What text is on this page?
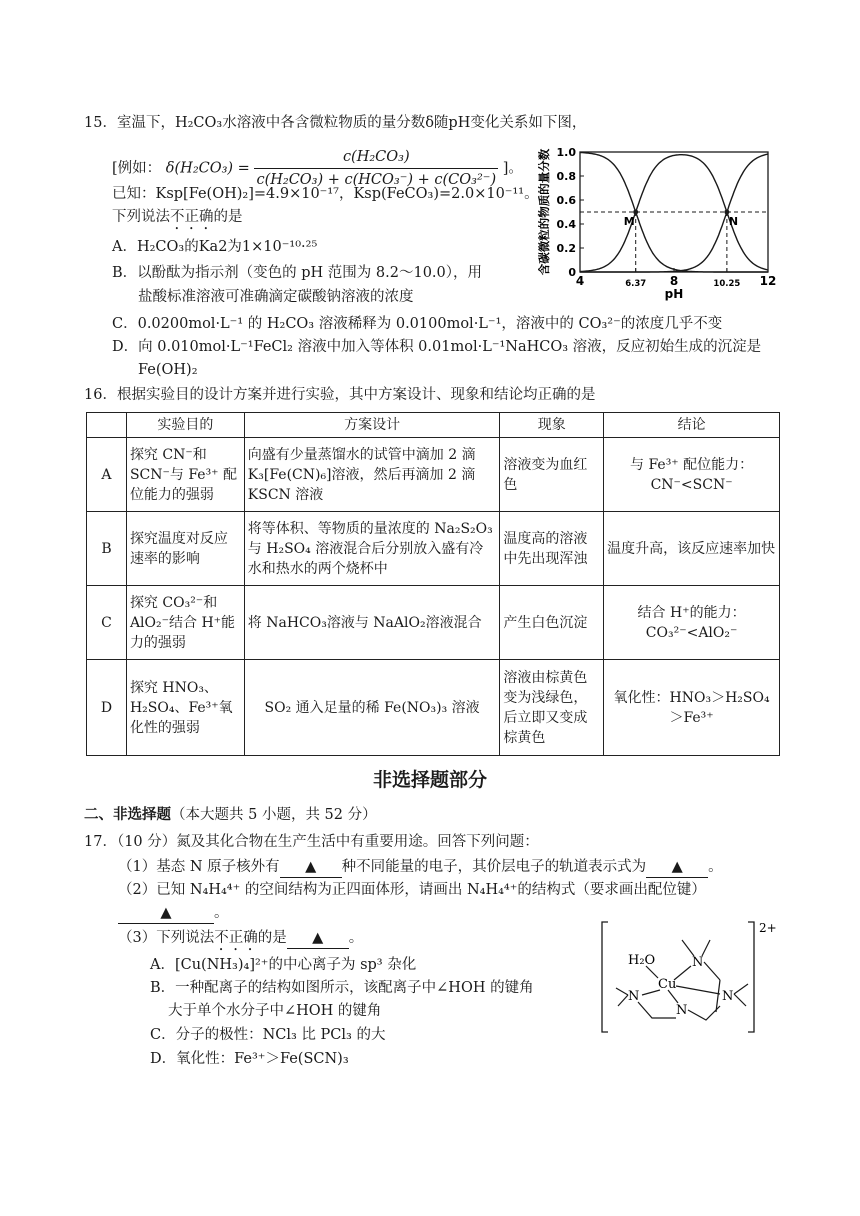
15．室温下，H₂CO₃水溶液中各含微粒物质的量分数δ随pH变化关系如下图，
[例如： $\delta(H_2CO_3) = \frac{\text{c(H₂CO₃)}}{\text{c(H₂CO₃) + c(HCO₃⁻) + c(CO₃²⁻)}}$ ]。
已知：Ksp[Fe(OH)₂]=4.9×10⁻¹⁷，Ksp(FeCO₃)=2.0×10⁻¹¹。
下列说法不正确的是
A．H₂CO₃的Ka2为1×10⁻¹⁰·²⁵
B．以酚酞为指示剂（变色的 pH 范围为 8.2～10.0），用
盐酸标准溶液可准确滴定碳酸钠溶液的浓度
C．0.0200mol·L⁻¹ 的 H₂CO₃ 溶液稀释为 0.0100mol·L⁻¹，溶液中的 CO₃²⁻的浓度几乎不变
D．向 0.010mol·L⁻¹FeCl₂ 溶液中加入等体积 0.01mol·L⁻¹NaHCO₃ 溶液，反应初始生成的沉淀是
Fe(OH)₂
0
0.2
0.4
0.6
0.8
1.0
4	6.37 8	10.25 12
pH
含碳微粒的物质的量分数	M	N
16．根据实验目的设计方案并进行实验，其中方案设计、现象和结论均正确的是
	实验目的	方案设计	现象	结论
A	探究 CN⁻和 SCN⁻与 Fe³⁺ 配位能力的强弱	向盛有少量蒸馏水的试管中滴加 2 滴 K₃[Fe(CN)₆]溶液，然后再滴加 2 滴 KSCN 溶液	溶液变为血红色	与 Fe³⁺ 配位能力：CN⁻<SCN⁻
B	探究温度对反应速率的影响	将等体积、等物质的量浓度的 Na₂S₂O₃ 与 H₂SO₄ 溶液混合后分别放入盛有冷水和热水的两个烧杯中	温度高的溶液中先出现浑浊	温度升高，该反应速率加快
C	探究 CO₃²⁻和 AlO₂⁻结合 H⁺能力的强弱	将 NaHCO₃溶液与 NaAlO₂溶液混合	产生白色沉淀	结合 H⁺的能力：CO₃²⁻<AlO₂⁻
D	探究 HNO₃、H₂SO₄、Fe³⁺氧化性的强弱	SO₂ 通入足量的稀 Fe(NO₃)₃ 溶液	溶液由棕黄色变为浅绿色，后立即又变成棕黄色	氧化性：HNO₃＞H₂SO₄＞Fe³⁺
非选择题部分
二、非选择题（本大题共 5 小题，共 52 分）
17．（10 分）氮及其化合物在生产生活中有重要用途。回答下列问题：
（1）基态 N 原子核外有 ▲ 种不同能量的电子，其价层电子的轨道表示式为 ▲ 。
（2）已知 N₄H₄⁴⁺ 的空间结构为正四面体形，请画出 N₄H₄⁴⁺的结构式（要求画出配位键）
▲	。
（3）下列说法不正确的是 ▲ 。
A．[Cu(NH₃)₄]²⁺的中心离子为 sp³ 杂化
B．一种配离子的结构如图所示，该配离子中∠HOH 的键角
大于单个水分子中∠HOH 的键角
C．分子的极性：NCl₃ 比 PCl₃ 的大
D．氧化性：Fe³⁺＞Fe(SCN)₃
2+
H₂O
Cu
N
N
N
N
